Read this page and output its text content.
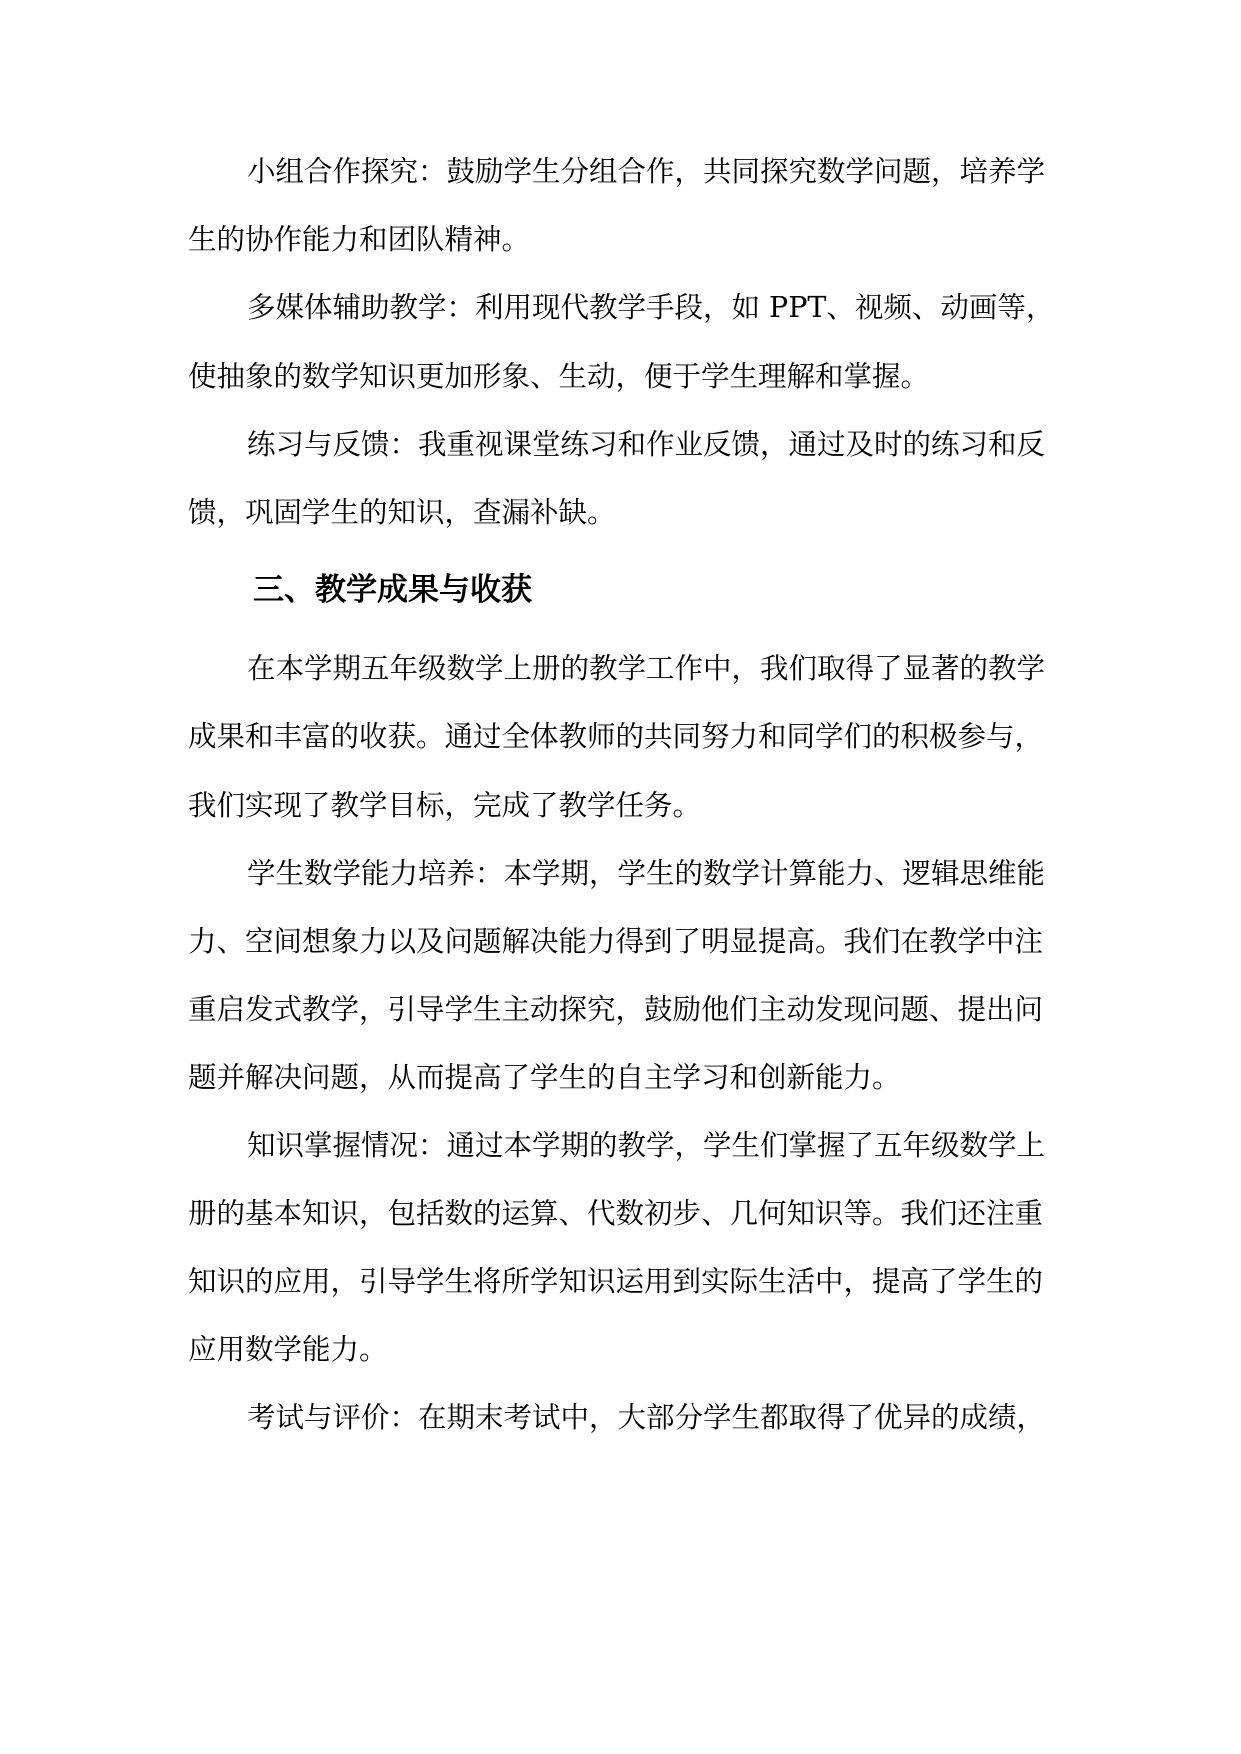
小组合作探究：鼓励学生分组合作，共同探究数学问题，培养学
生的协作能力和团队精神。
多媒体辅助教学：利用现代教学手段，如 PPT、视频、动画等，
使抽象的数学知识更加形象、生动，便于学生理解和掌握。
练习与反馈：我重视课堂练习和作业反馈，通过及时的练习和反
馈，巩固学生的知识，查漏补缺。
三、教学成果与收获
在本学期五年级数学上册的教学工作中，我们取得了显著的教学
成果和丰富的收获。通过全体教师的共同努力和同学们的积极参与，
我们实现了教学目标，完成了教学任务。
学生数学能力培养：本学期，学生的数学计算能力、逻辑思维能
力、空间想象力以及问题解决能力得到了明显提高。我们在教学中注
重启发式教学，引导学生主动探究，鼓励他们主动发现问题、提出问
题并解决问题，从而提高了学生的自主学习和创新能力。
知识掌握情况：通过本学期的教学，学生们掌握了五年级数学上
册的基本知识，包括数的运算、代数初步、几何知识等。我们还注重
知识的应用，引导学生将所学知识运用到实际生活中，提高了学生的
应用数学能力。
考试与评价：在期末考试中，大部分学生都取得了优异的成绩，
